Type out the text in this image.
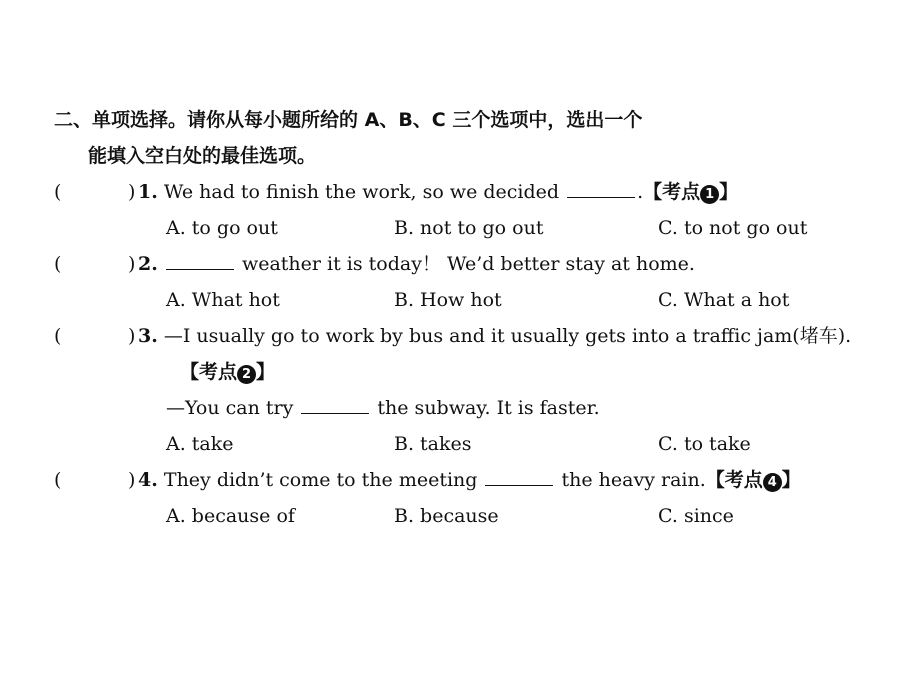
二、单项选择。请你从每小题所给的 A、B、C 三个选项中，选出一个
能填入空白处的最佳选项。
(	) 1. We had to finish the work, so we decided	.【考点 1 】
A. to go out	B. not to go out	C. to not go out
(	) 2.	weather it is today！ We’d better stay at home.
A. What hot	B. How hot	C. What a hot
(	) 3. —I usually go to work by bus and it usually gets into a traffic jam(堵车).
【考点 2 】
—You can try	the subway. It is faster.
A. take	B. takes	C. to take
(	) 4. They didn’t come to the meeting	the heavy rain.【考点 4 】
A. because of	B. because	C. since
